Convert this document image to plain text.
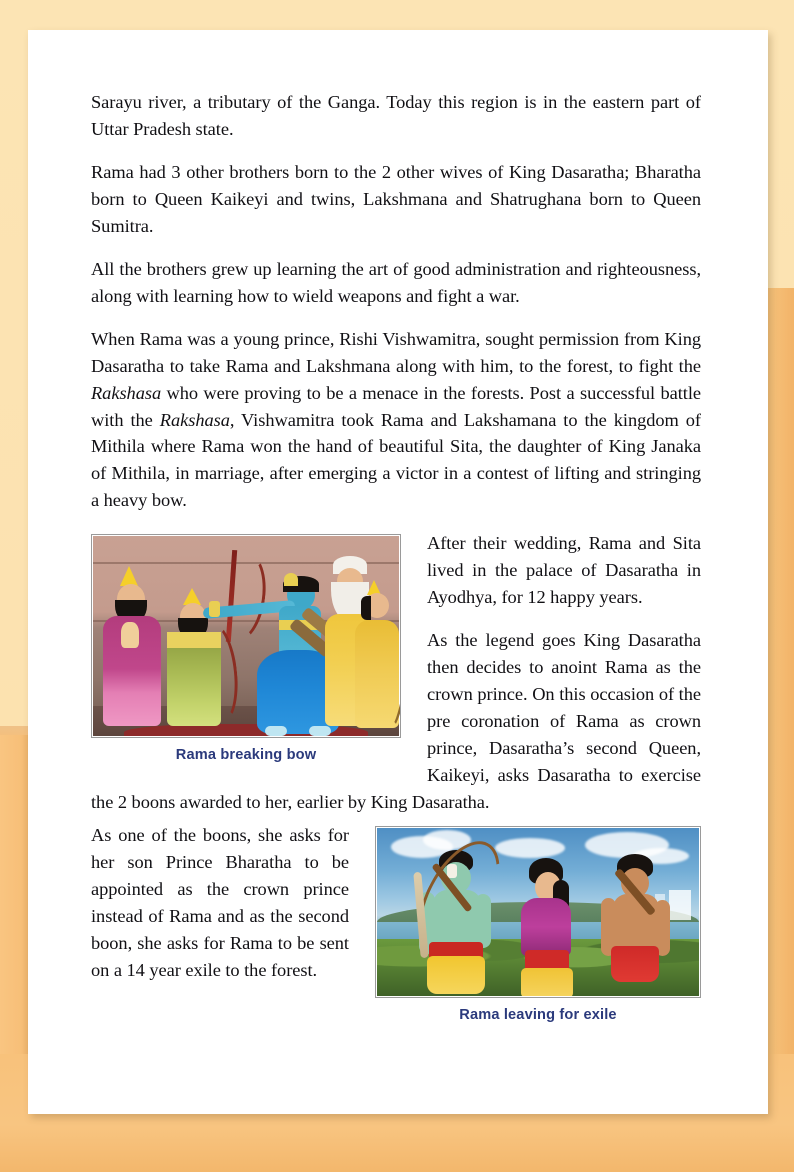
Sarayu river, a tributary of the Ganga. Today this region is in the eastern part of Uttar Pradesh state.

Rama had 3 other brothers born to the 2 other wives of King Dasaratha; Bharatha born to Queen Kaikeyi and twins, Lakshmana and Shatrughana born to Queen Sumitra.

All the brothers grew up learning the art of good administration and righteousness, along with learning how to wield weapons and fight a war.

When Rama was a young prince, Rishi Vishwamitra, sought permission from King Dasaratha to take Rama and Lakshmana along with him, to the forest, to fight the Rakshasa who were proving to be a menace in the forests. Post a successful battle with the Rakshasa, Vishwamitra took Rama and Lakshamana to the kingdom of Mithila where Rama won the hand of beautiful Sita, the daughter of King Janaka of Mithila, in marriage, after emerging a victor in a contest of lifting and stringing a heavy bow.

Rama breaking bow

After their wedding, Rama and Sita lived in the palace of Dasaratha in Ayodhya, for 12 happy years.

As the legend goes King Dasaratha then decides to anoint Rama as the crown prince. On this occasion of the pre coronation of Rama as crown prince, Dasaratha’s second Queen, Kaikeyi, asks Dasaratha to exercise the 2 boons awarded to her, earlier by King Dasaratha.

Rama leaving for exile

As one of the boons, she asks for her son Prince Bharatha to be appointed as the crown prince instead of Rama and as the second boon, she asks for Rama to be sent on a 14 year exile to the forest.
